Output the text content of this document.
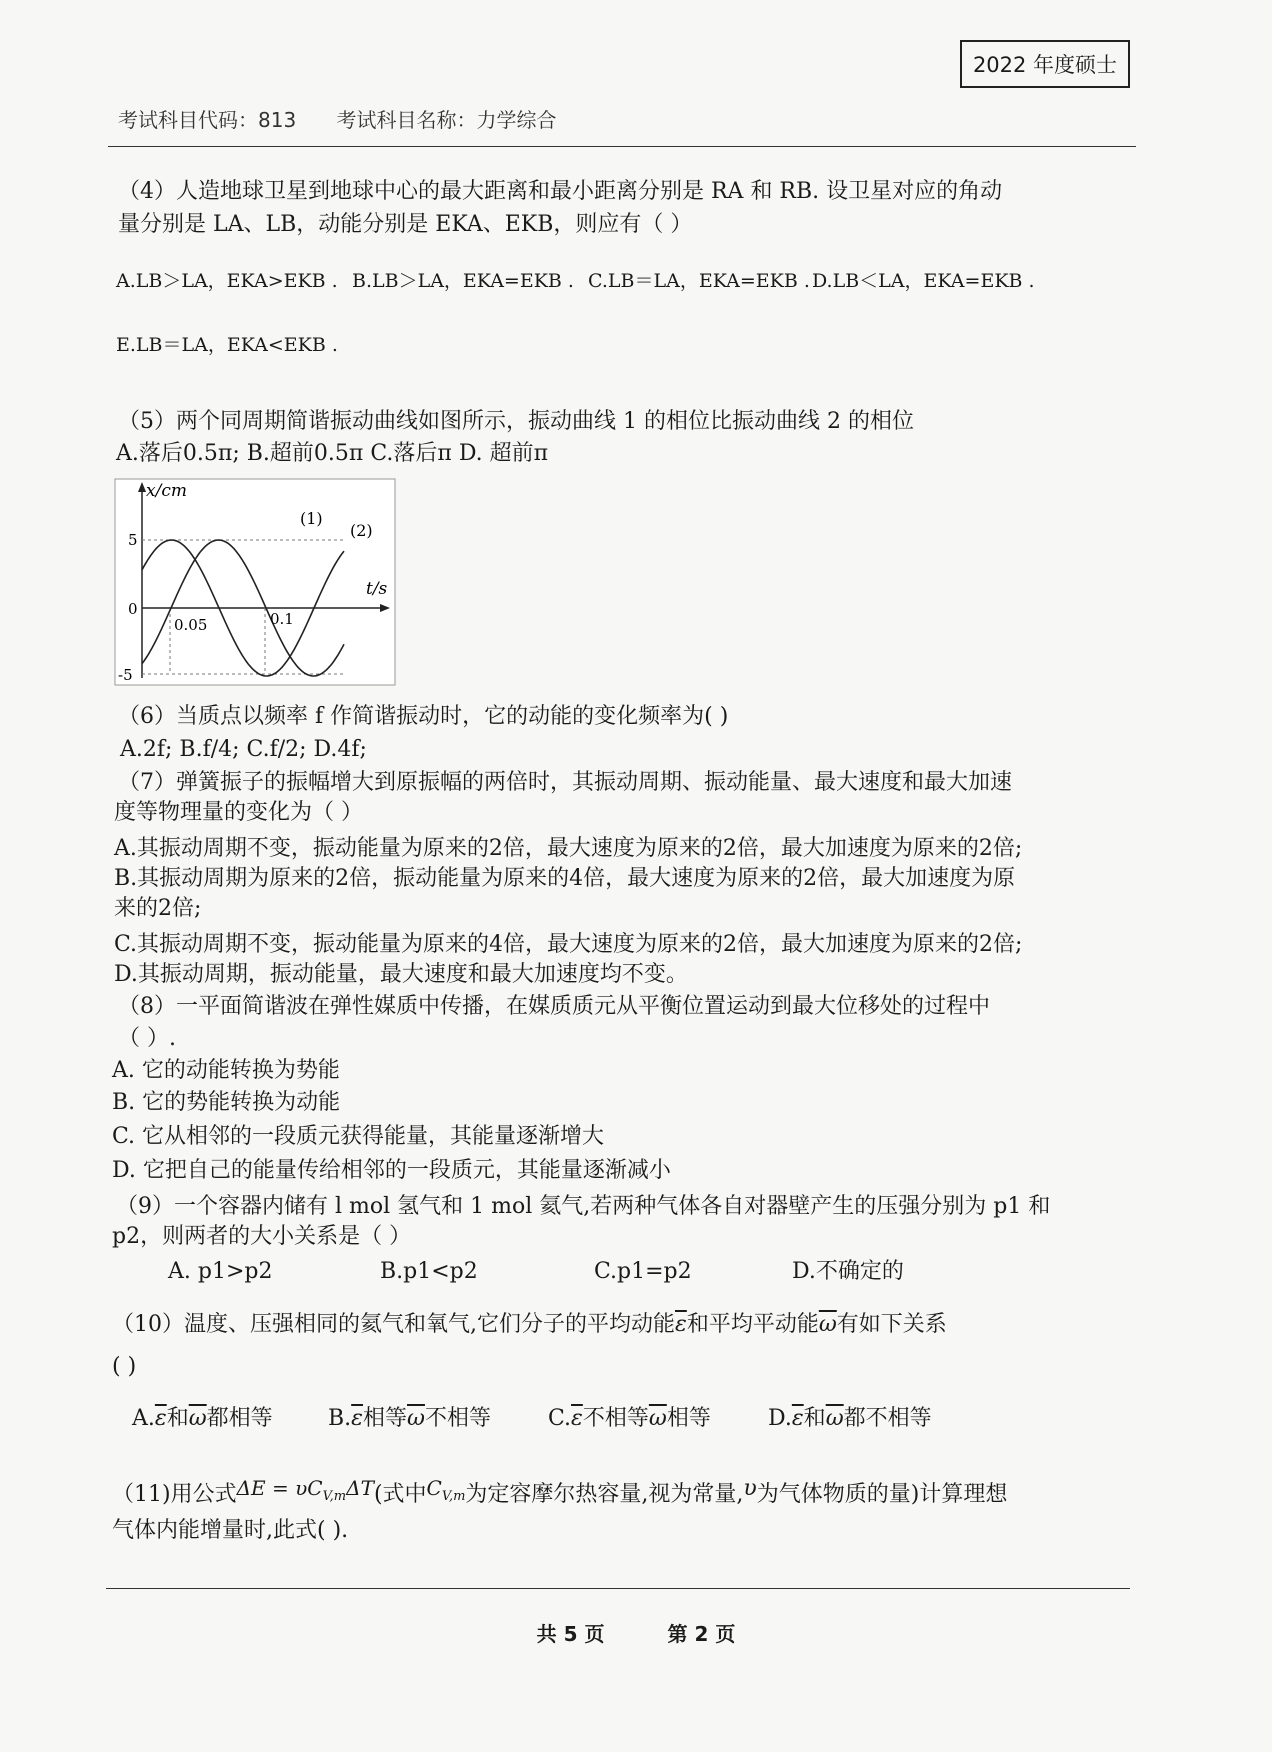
2022 年度硕士
考试科目代码：813 考试科目名称：力学综合
（4）人造地球卫星到地球中心的最大距离和最小距离分别是 RA 和 RB. 设卫星对应的角动
量分别是 LA、LB，动能分别是 EKA、EKB，则应有（ ）
A.LB＞LA，EKA>EKB . B.LB＞LA，EKA=EKB . C.LB＝LA，EKA=EKB . D.LB＜LA，EKA=EKB .
E.LB＝LA，EKA<EKB .
（5）两个同周期简谐振动曲线如图所示，振动曲线 1 的相位比振动曲线 2 的相位
A.落后0.5π; B.超前0.5π C.落后π D. 超前π
x/cm
5
0
-5
0.05	0.1
t/s
(1)
(2)
（6）当质点以频率 f 作简谐振动时，它的动能的变化频率为( )
A.2f; B.f/4; C.f/2; D.4f;
（7）弹簧振子的振幅增大到原振幅的两倍时，其振动周期、振动能量、最大速度和最大加速
度等物理量的变化为（ ）
A.其振动周期不变，振动能量为原来的2倍，最大速度为原来的2倍，最大加速度为原来的2倍;
B.其振动周期为原来的2倍，振动能量为原来的4倍，最大速度为原来的2倍，最大加速度为原
来的2倍;
C.其振动周期不变，振动能量为原来的4倍，最大速度为原来的2倍，最大加速度为原来的2倍;
D.其振动周期，振动能量，最大速度和最大加速度均不变。
（8）一平面简谐波在弹性媒质中传播，在媒质质元从平衡位置运动到最大位移处的过程中
（ ）.
A. 它的动能转换为势能
B. 它的势能转换为动能
C. 它从相邻的一段质元获得能量，其能量逐渐增大
D. 它把自己的能量传给相邻的一段质元，其能量逐渐减小
（9）一个容器内储有 l mol 氢气和 1 mol 氦气,若两种气体各自对器壁产生的压强分别为 p1 和
p2，则两者的大小关系是（ ）
A. p1>p2	B.p1<p2	C.p1=p2	D.不确定的
（10）温度、压强相同的氦气和氧气,它们分子的平均动能$\overline{\varepsilon}$和平均平动能$\overline{\omega}$有如下关系
( )
$A.\overline{\varepsilon}$和$\overline{\omega}$都相等	$B.\overline{\varepsilon}$相等$\overline{\omega}$不相等	$C.\overline{\varepsilon}$不相等$\overline{\omega}$相等	$D.\overline{\varepsilon}$和$\overline{\omega}$都不相等
（11)用公式$\Delta E = \upsilon C_{V,m}\Delta T$(式中$C_{V,m}$为定容摩尔热容量,视为常量,υ为气体物质的量)计算理想
气体内能增量时,此式( ).
共 5 页	第 2 页
